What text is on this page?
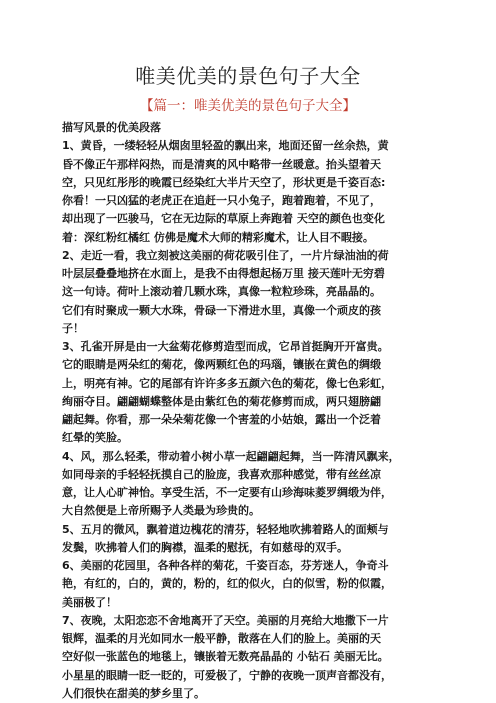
唯美优美的景色句子大全
【篇一：唯美优美的景色句子大全】
描写风景的优美段落
1、黄昏，一缕轻轻从烟囱里轻盈的飘出来，地面还留一丝余热，黄
昏不像正午那样闷热，而是清爽的风中略带一丝暖意。抬头望着天
空，只见红彤彤的晚霞已经染红大半片天空了，形状更是千姿百态:
你看！一只凶猛的老虎正在追赶一只小兔子，跑着跑着，不见了，
却出现了一匹骏马，它在无边际的草原上奔跑着 天空的颜色也变化
着：深红粉红橘红 仿佛是魔术大师的精彩魔术，让人目不暇接。
2、走近一看，我立刻被这美丽的荷花吸引住了，一片片绿油油的荷
叶层层叠叠地挤在水面上，是我不由得想起杨万里 接天莲叶无穷碧
这一句诗。荷叶上滚动着几颗水珠，真像一粒粒珍珠，亮晶晶的。
它们有时聚成一颗大水珠，骨碌一下滑进水里，真像一个顽皮的孩
子！
3、孔雀开屏是由一大盆菊花修剪造型而成，它昂首挺胸开开富贵。
它的眼睛是两朵红的菊花，像两颗红色的玛瑙，镶嵌在黄色的绸缎
上，明亮有神。它的尾部有许许多多五颜六色的菊花，像七色彩虹，
绚丽夺目。翩翩蝴蝶整体是由紫红色的菊花修剪而成，两只翅膀翩
翩起舞。你看，那一朵朵菊花像一个害羞的小姑娘，露出一个泛着
红晕的笑脸。
4、风，那么轻柔，带动着小树小草一起翩翩起舞，当一阵清风飘来，
如同母亲的手轻轻抚摸自己的脸庞，我喜欢那种感觉，带有丝丝凉
意，让人心旷神怡。享受生活，不一定要有山珍海味菱罗绸缎为伴，
大自然便是上帝所赐予人类最为珍贵的。
5、五月的微风，飘着道边槐花的清芬，轻轻地吹拂着路人的面颊与
发鬓，吹拂着人们的胸襟，温柔的慰抚，有如慈母的双手。
6、美丽的花园里，各种各样的菊花，千姿百态，芬芳迷人，争奇斗
艳，有红的，白的，黄的，粉的，红的似火，白的似雪，粉的似霞，
美丽极了！
7、夜晚，太阳恋恋不舍地离开了天空。美丽的月亮给大地撒下一片
银辉，温柔的月光如同水一般平静，散落在人们的脸上。美丽的天
空好似一张蓝色的地毯上，镶嵌着无数亮晶晶的 小钻石 美丽无比。
小星星的眼睛一眨一眨的，可爱极了，宁静的夜晚一顶声音都没有，
人们很快在甜美的梦乡里了。
